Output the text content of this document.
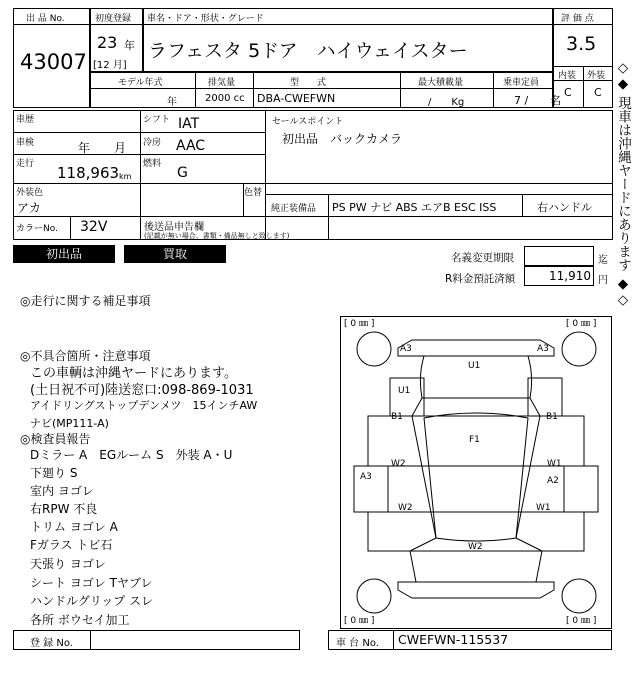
出 品 No.
43007
初度登録
23 年
[12 月]
車名・ドア・形状・グレード
ラフェスタ 5ドア　ハイウェイスター
評 価 点
3.5
内装 外装
C C
モデル年式
年
排気量
2000 cc
型　　式
DBA-CWEFWN
最大積載量
/　　Kg
乗車定員
7 /　　名
車歴
車検	年　　月
走行 118,963 km
シフト IAT
冷房 AAC
燃料
G
セールスポイント
初出品　バックカメラ
外装色
アカ
色替
純正装備品 PS PW ナビ ABS エアB ESC ISS	右ハンドル
カラーNo. 32V	後送品申告欄
(記載が無い場合、書類・備品無しと致します)
初出品	買取	名義変更期限	迄
R料金預託済額	11,910 円
◎走行に関する補足事項
◎不具合箇所・注意事項
この車輌は沖縄ヤードにあります。
(土日祝不可)陸送窓口:098-869-1031
アイドリングストップデンメツ　15インチAW
ナビ(MP111-A)
◎検査員報告
Dミラー A　EGルーム S　外装 A・U
下廻り S
室内 ヨゴレ
右RPW 不良
トリム ヨゴレ A
Fガラス トビ石
天張り ヨゴレ
シート ヨゴレ Tヤブレ
ハンドルグリップ スレ
各所 ボウセイ加工
[ 0 ㎜ ]	[ 0 ㎜ ]
[ 0 ㎜ ]	[ 0 ㎜ ]
A3	A3
U1
U1
B1
F1
B1
W2	W1
A3	A2
W2	W1
W2
登 録 No.	車 台 No. CWEFWN-115537
◇◆ 現車は沖縄ヤードにあります ◆◇
